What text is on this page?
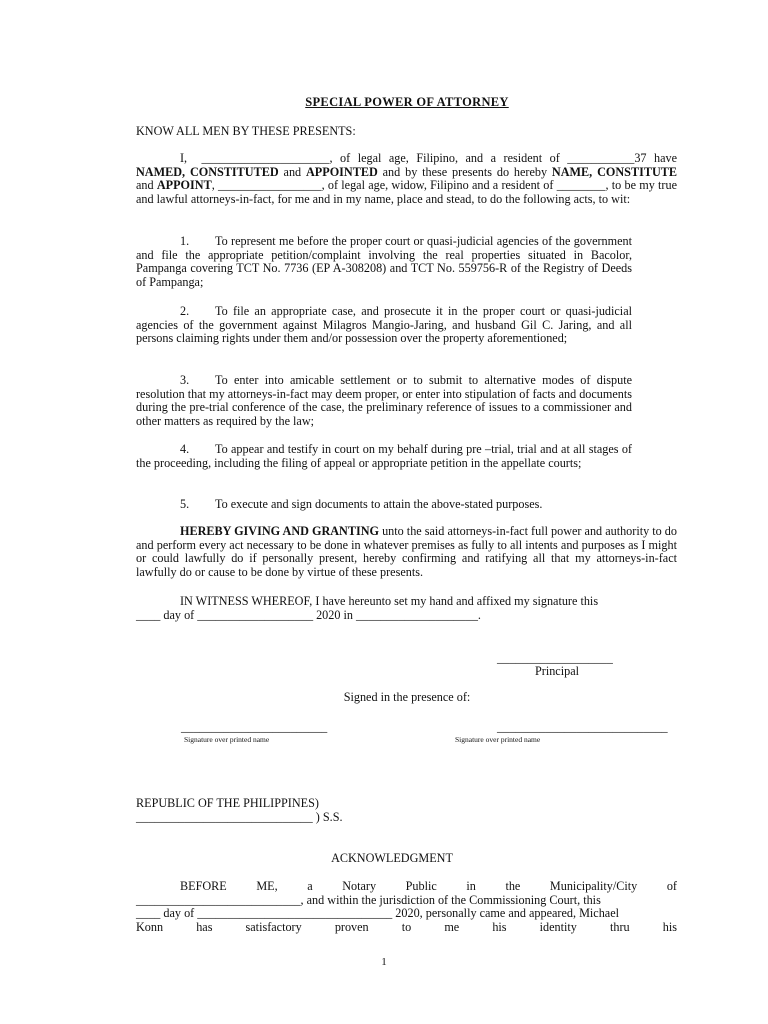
SPECIAL POWER OF ATTORNEY
KNOW ALL MEN BY THESE PRESENTS:
I, _____________________, of legal age, Filipino, and a resident of ___________37 have NAMED, CONSTITUTED and APPOINTED and by these presents do hereby NAME, CONSTITUTE and APPOINT, _________________, of legal age, widow, Filipino and a resident of ________, to be my true and lawful attorneys-in-fact, for me and in my name, place and stead, to do the following acts, to wit:
1. To represent me before the proper court or quasi-judicial agencies of the government and file the appropriate petition/complaint involving the real properties situated in Bacolor, Pampanga covering TCT No. 7736 (EP A-308208) and TCT No. 559756-R of the Registry of Deeds of Pampanga;
2. To file an appropriate case, and prosecute it in the proper court or quasi-judicial agencies of the government against Milagros Mangio-Jaring, and husband Gil C. Jaring, and all persons claiming rights under them and/or possession over the property aforementioned;
3. To enter into amicable settlement or to submit to alternative modes of dispute resolution that my attorneys-in-fact may deem proper, or enter into stipulation of facts and documents during the pre-trial conference of the case, the preliminary reference of issues to a commissioner and other matters as required by the law;
4. To appear and testify in court on my behalf during pre –trial, trial and at all stages of the proceeding, including the filing of appeal or appropriate petition in the appellate courts;
5. To execute and sign documents to attain the above-stated purposes.
HEREBY GIVING AND GRANTING unto the said attorneys-in-fact full power and authority to do and perform every act necessary to be done in whatever premises as fully to all intents and purposes as I might or could lawfully do if personally present, hereby confirming and ratifying all that my attorneys-in-fact lawfully do or cause to be done by virtue of these presents.
IN WITNESS WHEREOF, I have hereunto set my hand and affixed my signature this
____ day of ___________________ 2020 in ____________________.
___________________
Principal
Signed in the presence of:
________________________
Signature over printed name
____________________________
Signature over printed name
REPUBLIC OF THE PHILIPPINES)
_____________________________ ) S.S.
ACKNOWLEDGMENT
BEFORE ME, a Notary Public in the Municipality/City of
___________________________, and within the jurisdiction of the Commissioning Court, this
____ day of ________________________________ 2020, personally came and appeared, Michael
Konn	has	satisfactory	proven	to	me	his	identity	thru	his
1
